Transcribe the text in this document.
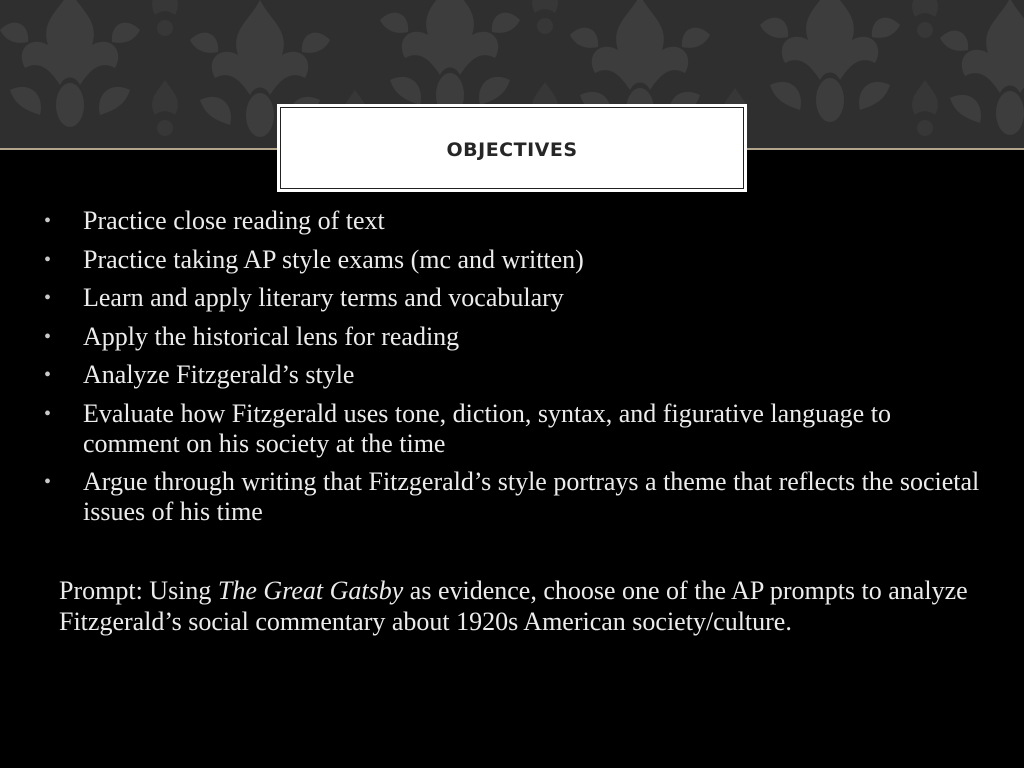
OBJECTIVES
• Practice close reading of text
• Practice taking AP style exams (mc and written)
• Learn and apply literary terms and vocabulary
• Apply the historical lens for reading
• Analyze Fitzgerald’s style
• Evaluate how Fitzgerald uses tone, diction, syntax, and figurative language to comment on his society at the time
• Argue through writing that Fitzgerald’s style portrays a theme that reflects the societal issues of his time

Prompt: Using The Great Gatsby as evidence, choose one of the AP prompts to analyze Fitzgerald’s social commentary about 1920s American society/culture.
